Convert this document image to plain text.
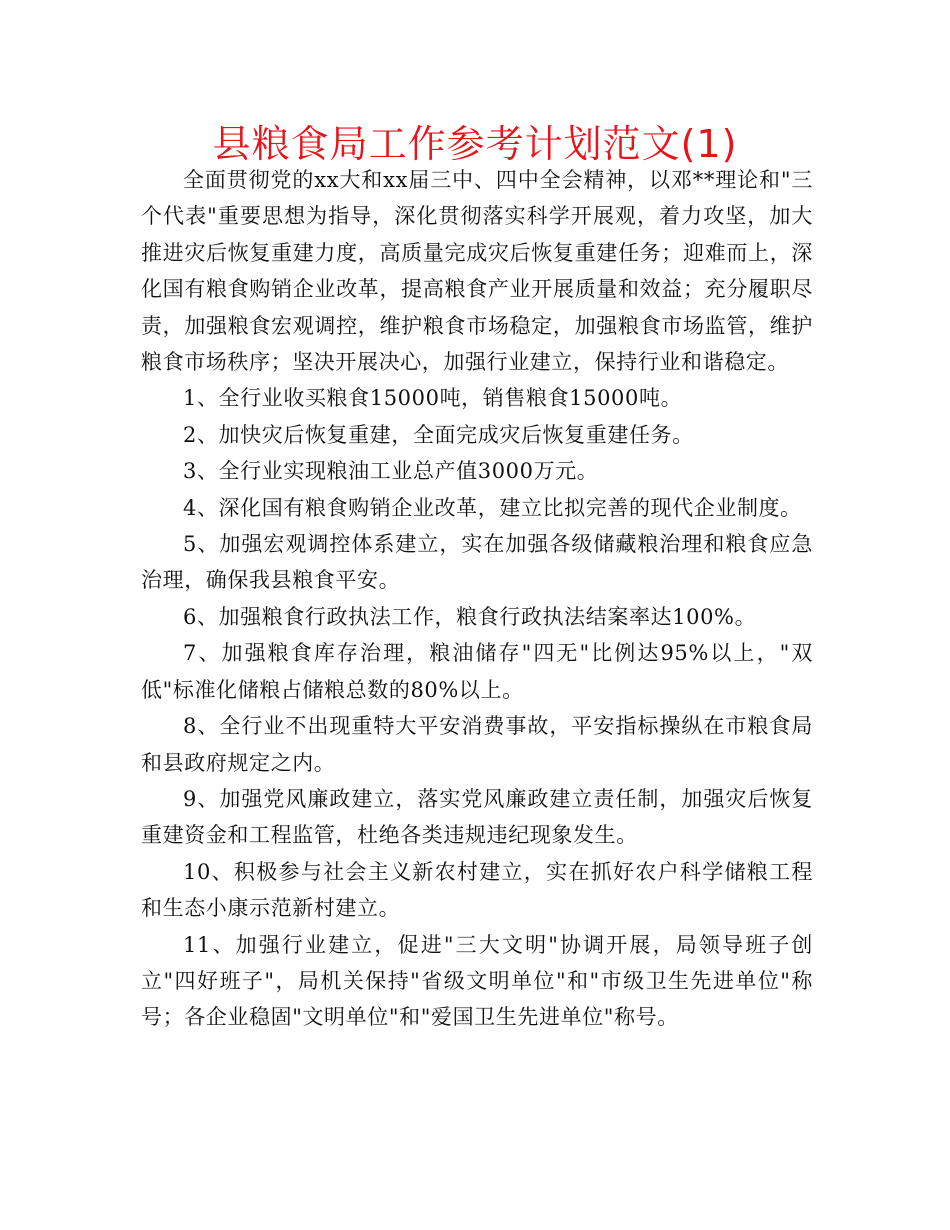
县粮食局工作参考计划范文(1)

全面贯彻党的xx大和xx届三中、四中全会精神，以邓**理论和"三个代表"重要思想为指导，深化贯彻落实科学开展观，着力攻坚，加大推进灾后恢复重建力度，高质量完成灾后恢复重建任务；迎难而上，深化国有粮食购销企业改革，提高粮食产业开展质量和效益；充分履职尽责，加强粮食宏观调控，维护粮食市场稳定，加强粮食市场监管，维护粮食市场秩序；坚决开展决心，加强行业建立，保持行业和谐稳定。

1、全行业收买粮食15000吨，销售粮食15000吨。

2、加快灾后恢复重建，全面完成灾后恢复重建任务。

3、全行业实现粮油工业总产值3000万元。

4、深化国有粮食购销企业改革，建立比拟完善的现代企业制度。

5、加强宏观调控体系建立，实在加强各级储藏粮治理和粮食应急治理，确保我县粮食平安。

6、加强粮食行政执法工作，粮食行政执法结案率达100%。

7、加强粮食库存治理，粮油储存"四无"比例达95%以上，"双低"标准化储粮占储粮总数的80%以上。

8、全行业不出现重特大平安消费事故，平安指标操纵在市粮食局和县政府规定之内。

9、加强党风廉政建立，落实党风廉政建立责任制，加强灾后恢复重建资金和工程监管，杜绝各类违规违纪现象发生。

10、积极参与社会主义新农村建立，实在抓好农户科学储粮工程和生态小康示范新村建立。

11、加强行业建立，促进"三大文明"协调开展，局领导班子创立"四好班子"，局机关保持"省级文明单位"和"市级卫生先进单位"称号；各企业稳固"文明单位"和"爱国卫生先进单位"称号。
